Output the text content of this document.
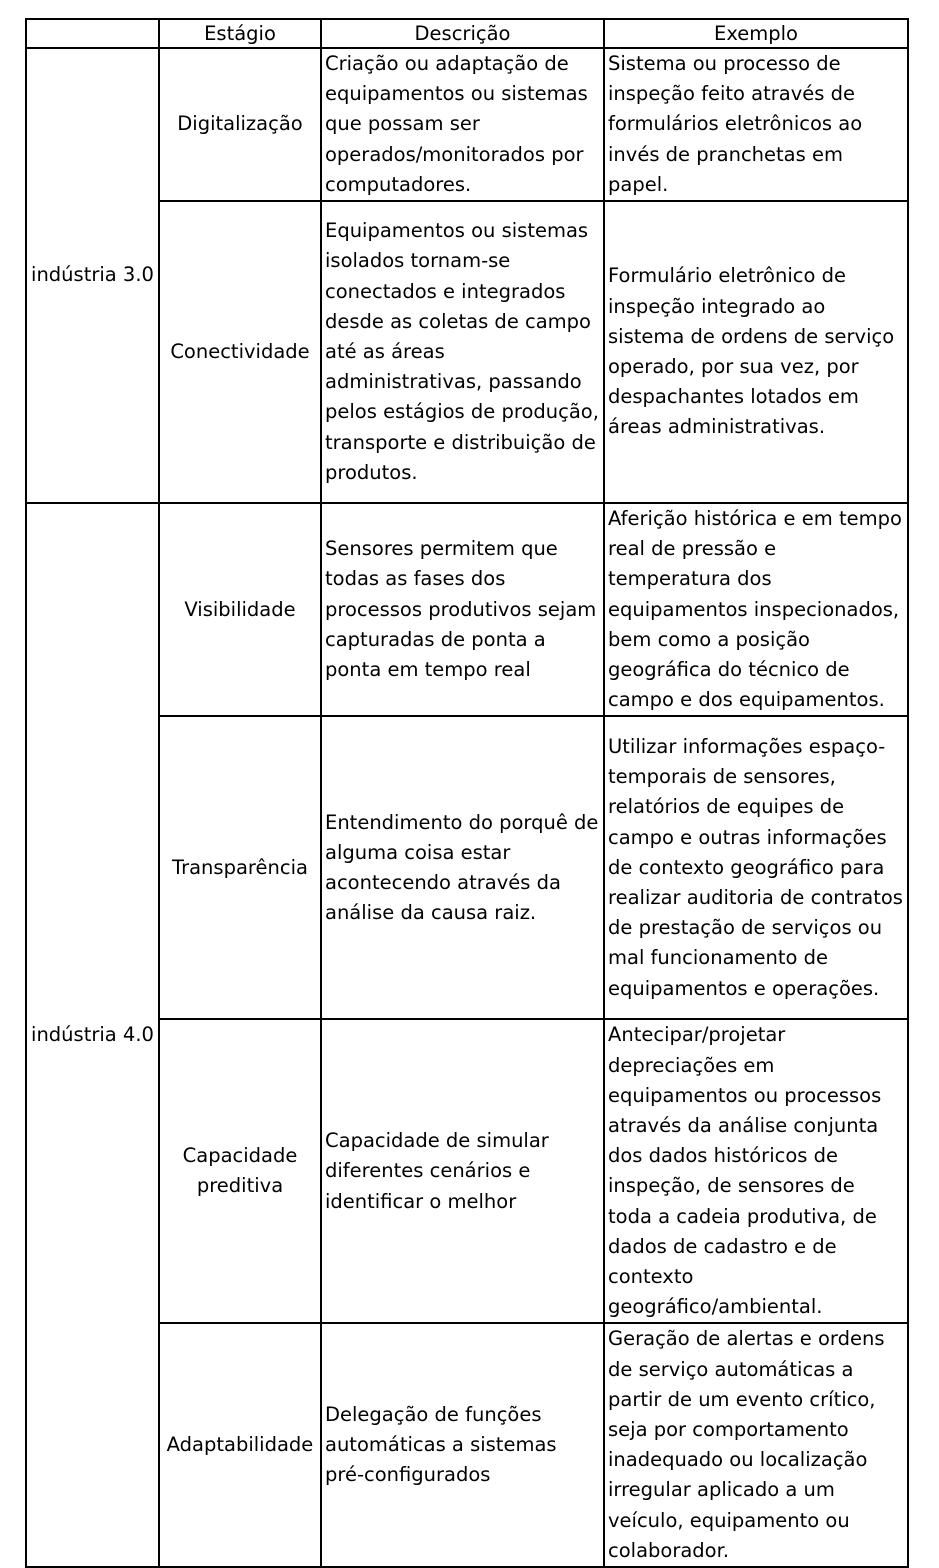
	Estágio	Descrição	Exemplo
indústria 3.0	Digitalização	Criação ou adaptação de equipamentos ou sistemas que possam ser operados/monitorados por computadores.	Sistema ou processo de inspeção feito através de formulários eletrônicos ao invés de pranchetas em papel.
	Conectividade	Equipamentos ou sistemas isolados tornam-se conectados e integrados desde as coletas de campo até as áreas administrativas, passando pelos estágios de produção, transporte e distribuição de produtos.	Formulário eletrônico de inspeção integrado ao sistema de ordens de serviço operado, por sua vez, por despachantes lotados em áreas administrativas.
indústria 4.0	Visibilidade	Sensores permitem que todas as fases dos processos produtivos sejam capturadas de ponta a ponta em tempo real	Aferição histórica e em tempo real de pressão e temperatura dos equipamentos inspecionados, bem como a posição geográfica do técnico de campo e dos equipamentos.
	Transparência	Entendimento do porquê de alguma coisa estar acontecendo através da análise da causa raiz.	Utilizar informações espaço-temporais de sensores, relatórios de equipes de campo e outras informações de contexto geográfico para realizar auditoria de contratos de prestação de serviços ou mal funcionamento de equipamentos e operações.
	Capacidade preditiva	Capacidade de simular diferentes cenários e identificar o melhor	Antecipar/projetar depreciações em equipamentos ou processos através da análise conjunta dos dados históricos de inspeção, de sensores de toda a cadeia produtiva, de dados de cadastro e de contexto geográfico/ambiental.
	Adaptabilidade	Delegação de funções automáticas a sistemas pré-configurados	Geração de alertas e ordens de serviço automáticas a partir de um evento crítico, seja por comportamento inadequado ou localização irregular aplicado a um veículo, equipamento ou colaborador.
